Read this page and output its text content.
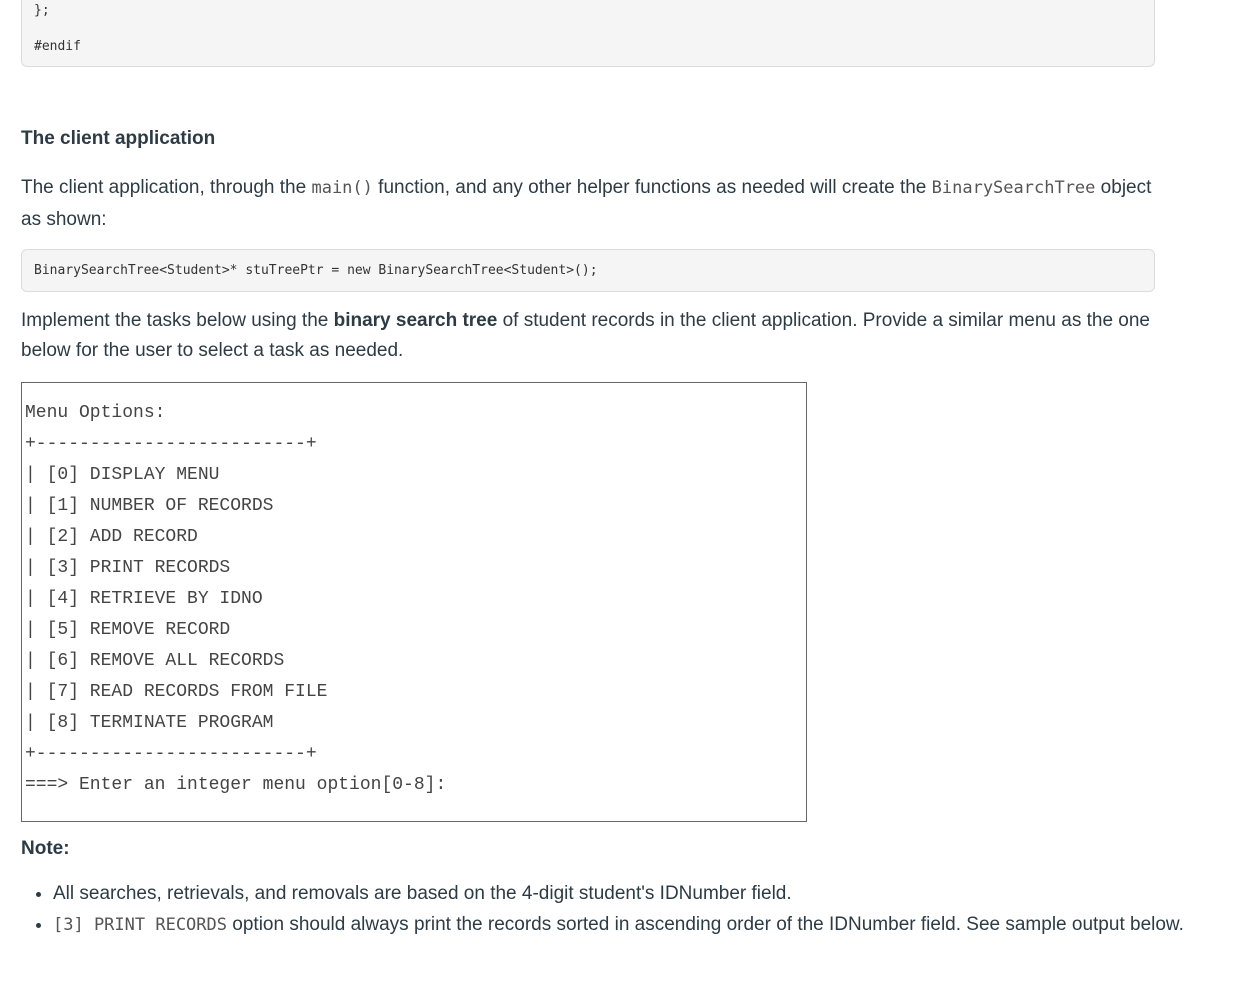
};
#endif
The client application

The client application, through the main() function, and any other helper functions as needed will create the BinarySearchTree object as shown:

BinarySearchTree<Student>* stuTreePtr = new BinarySearchTree<Student>();

Implement the tasks below using the binary search tree of student records in the client application. Provide a similar menu as the one below for the user to select a task as needed.

Menu Options:
+-------------------------+
| [0] DISPLAY MENU
| [1] NUMBER OF RECORDS
| [2] ADD RECORD
| [3] PRINT RECORDS
| [4] RETRIEVE BY IDNO
| [5] REMOVE RECORD
| [6] REMOVE ALL RECORDS
| [7] READ RECORDS FROM FILE
| [8] TERMINATE PROGRAM
+-------------------------+
===> Enter an integer menu option[0-8]:

Note:

• All searches, retrievals, and removals are based on the 4-digit student's IDNumber field.
• [3] PRINT RECORDS option should always print the records sorted in ascending order of the IDNumber field. See sample output below.
